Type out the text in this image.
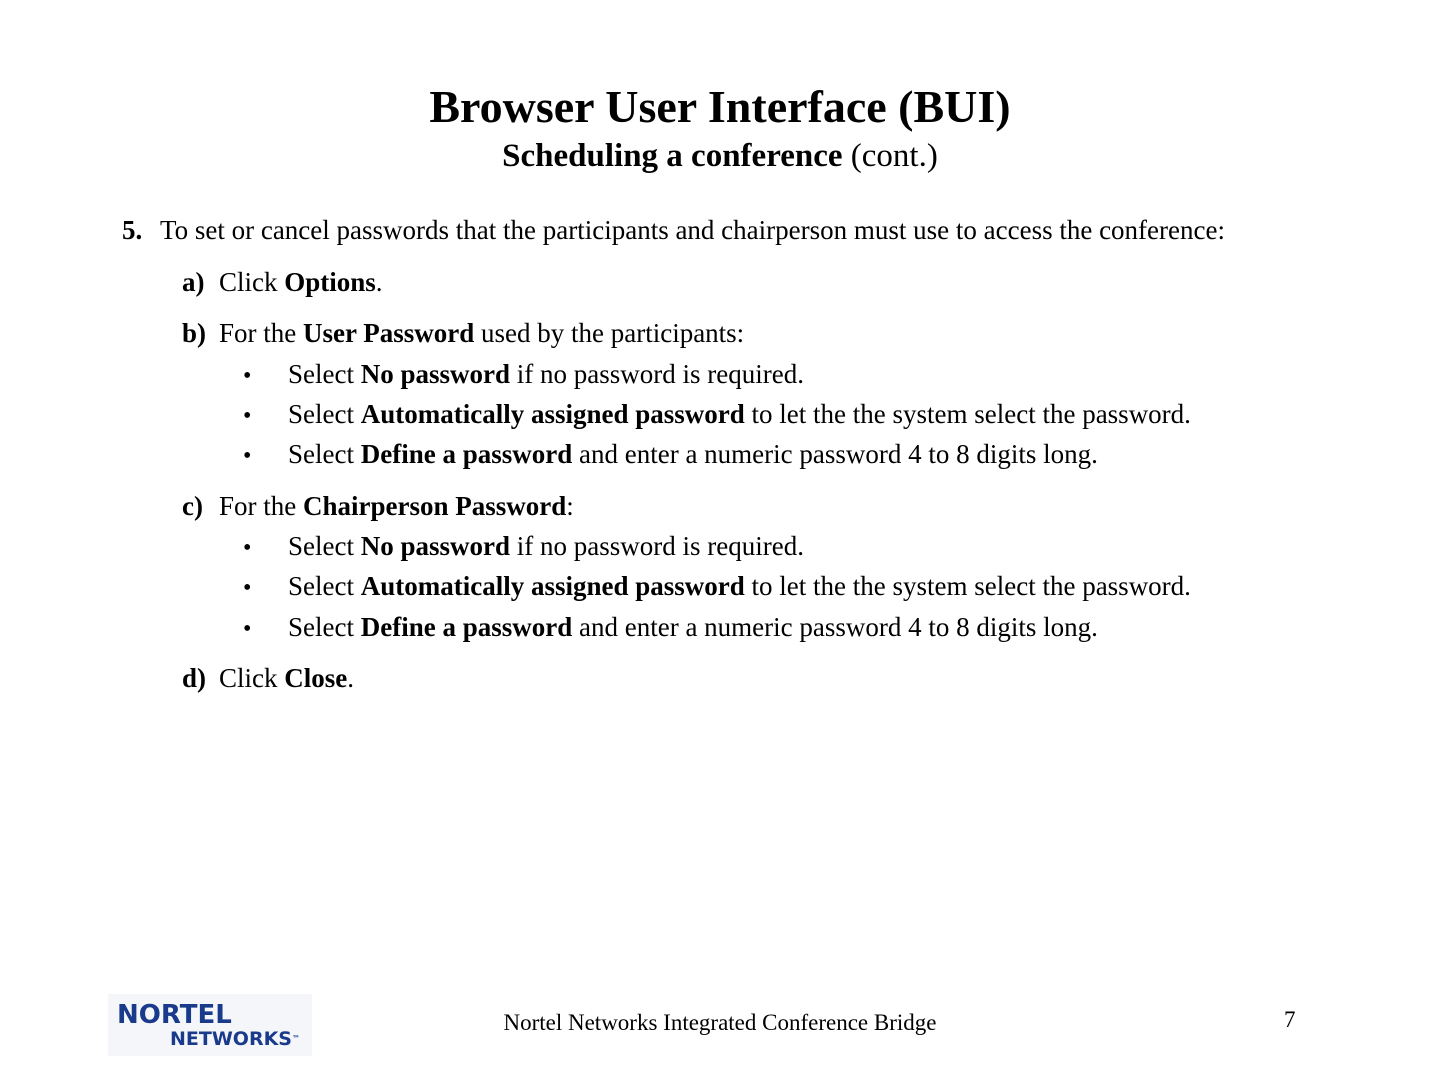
Browser User Interface (BUI)
Scheduling a conference (cont.)
5. To set or cancel passwords that the participants and chairperson must use to access the conference:
a) Click Options.
b) For the User Password used by the participants:
• Select No password if no password is required.
• Select Automatically assigned password to let the the system select the password.
• Select Define a password and enter a numeric password 4 to 8 digits long.
c) For the Chairperson Password:
• Select No password if no password is required.
• Select Automatically assigned password to let the the system select the password.
• Select Define a password and enter a numeric password 4 to 8 digits long.
d) Click Close.
NORTEL
NETWORKS™
Nortel Networks Integrated Conference Bridge	7
